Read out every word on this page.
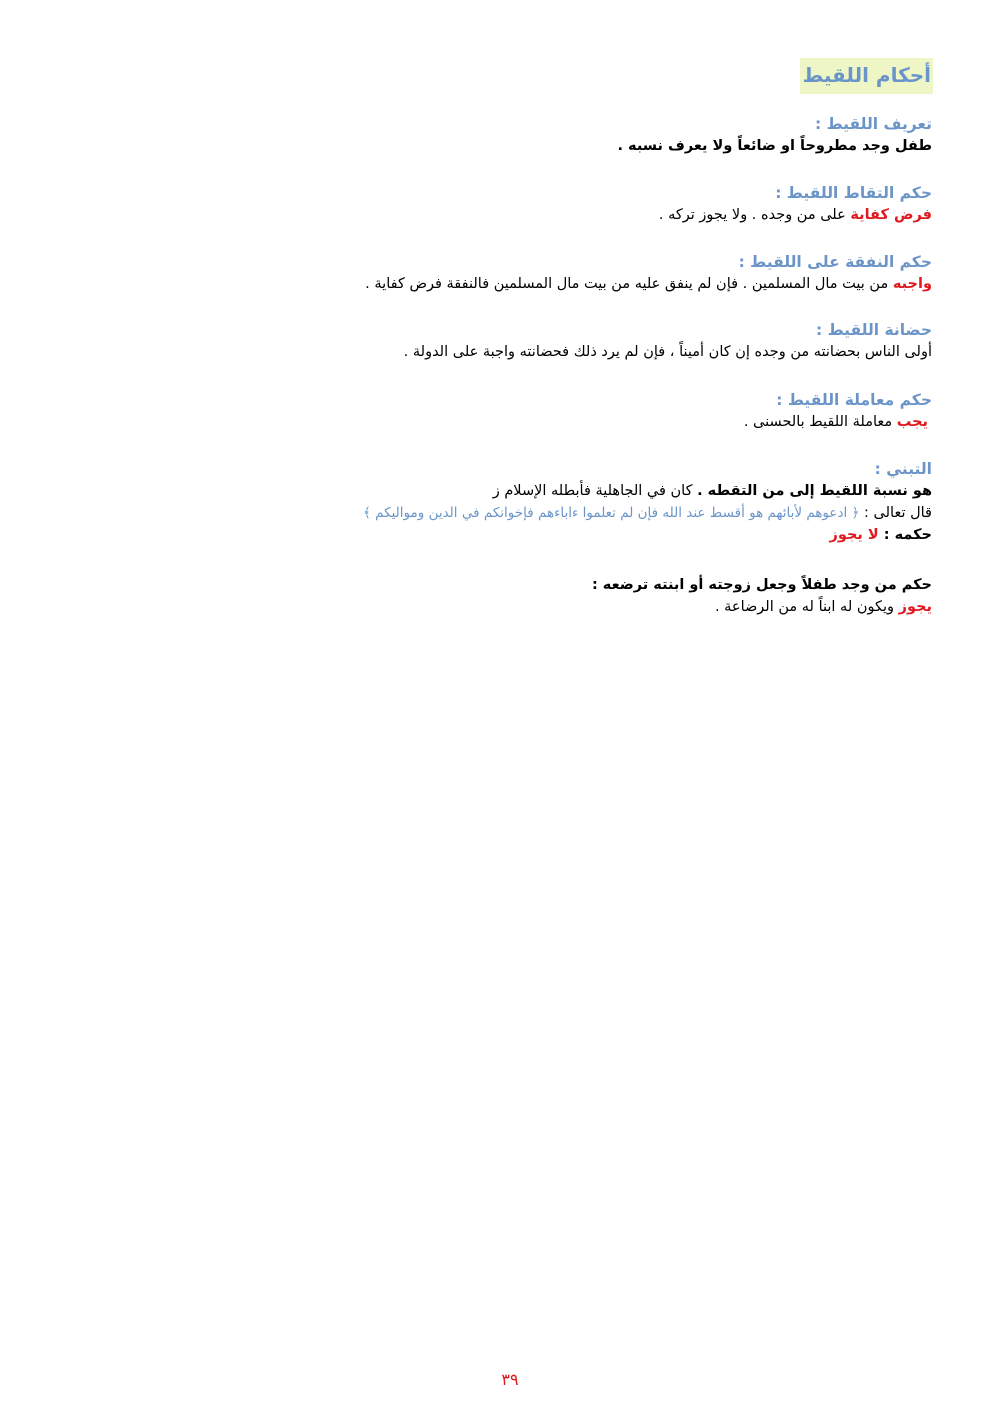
أحكام اللقيط
تعريف اللقيط :
طفل وجد مطروحاً او ضائعاً ولا يعرف نسبه .
حكم التقاط اللقيط :
فرض كفاية على من وجده . ولا يجوز تركه .
حكم النفقة على اللقيط :
واجبه من بيت مال المسلمين . فإن لم ينفق عليه من بيت مال المسلمين فالنفقة فرض كفاية .
حضانة اللقيط :
أولى الناس بحضانته من وجده إن كان أميناً ، فإن لم يرد ذلك فحضانته واجبة على الدولة .
حكم معاملة اللقيط :
يجب معاملة اللقيط بالحسنى .
التبني :
هو نسبة اللقيط إلى من التقطه . كان في الجاهلية فأبطله الإسلام ز
قال تعالى : ﴿ ادعوهم لأبائهم هو أقسط عند الله فإن لم تعلموا ءاباءهم فإخوانكم في الدين ومواليكم ﴾
حكمه : لا يجوز
حكم من وجد طفلاً وجعل زوجته أو ابنته ترضعه :
يجوز ويكون له ابناً له من الرضاعة .
٣٩
